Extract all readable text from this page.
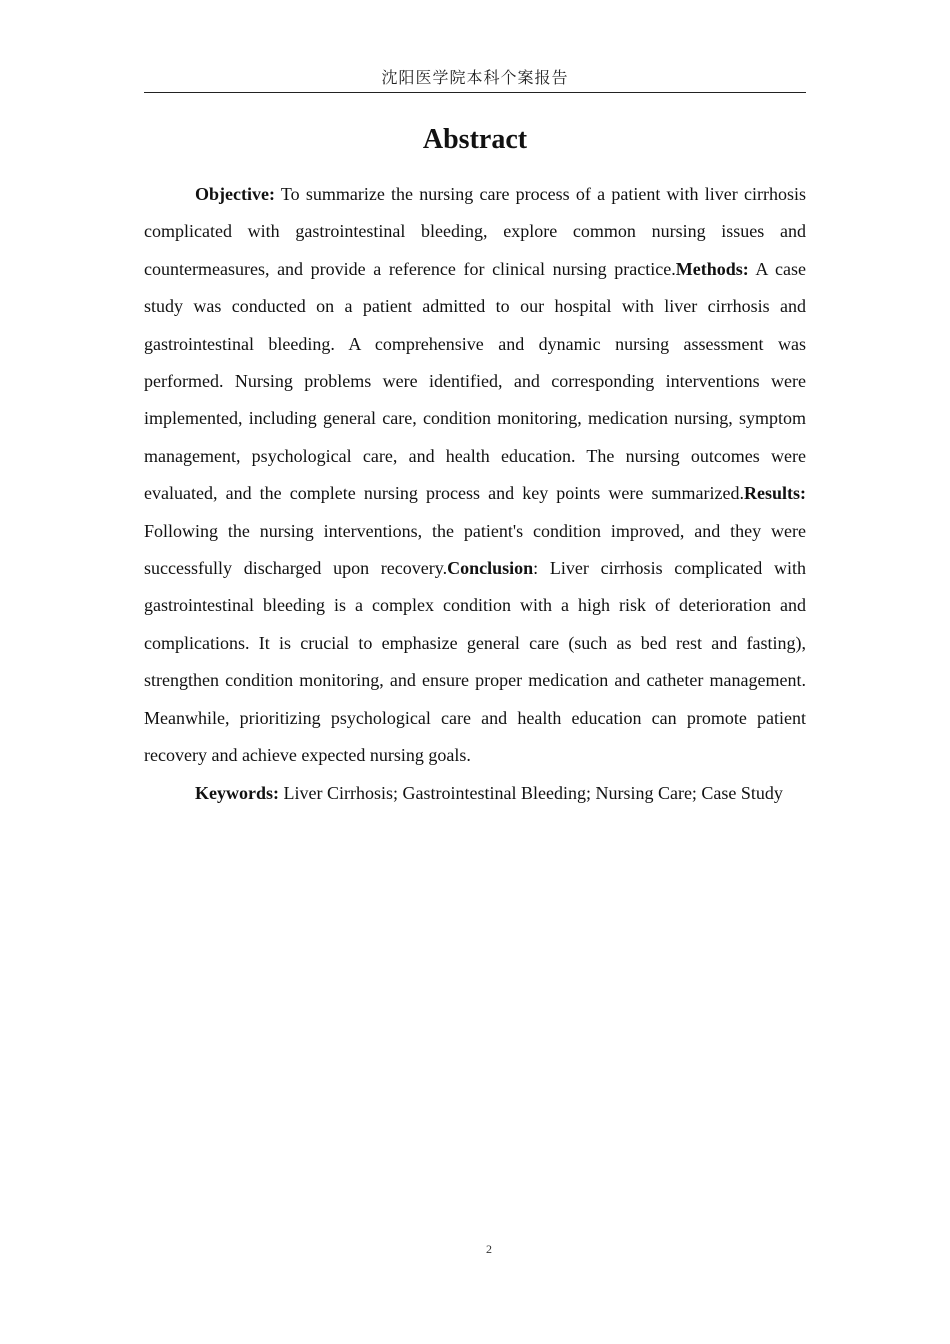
沈阳医学院本科个案报告
Abstract

Objective: To summarize the nursing care process of a patient with liver cirrhosis complicated with gastrointestinal bleeding, explore common nursing issues and countermeasures, and provide a reference for clinical nursing practice.Methods: A case study was conducted on a patient admitted to our hospital with liver cirrhosis and gastrointestinal bleeding. A comprehensive and dynamic nursing assessment was performed. Nursing problems were identified, and corresponding interventions were implemented, including general care, condition monitoring, medication nursing, symptom management, psychological care, and health education. The nursing outcomes were evaluated, and the complete nursing process and key points were summarized.Results: Following the nursing interventions, the patient's condition improved, and they were successfully discharged upon recovery.Conclusion: Liver cirrhosis complicated with gastrointestinal bleeding is a complex condition with a high risk of deterioration and complications. It is crucial to emphasize general care (such as bed rest and fasting), strengthen condition monitoring, and ensure proper medication and catheter management. Meanwhile, prioritizing psychological care and health education can promote patient recovery and achieve expected nursing goals.

Keywords: Liver Cirrhosis; Gastrointestinal Bleeding; Nursing Care; Case Study

2
